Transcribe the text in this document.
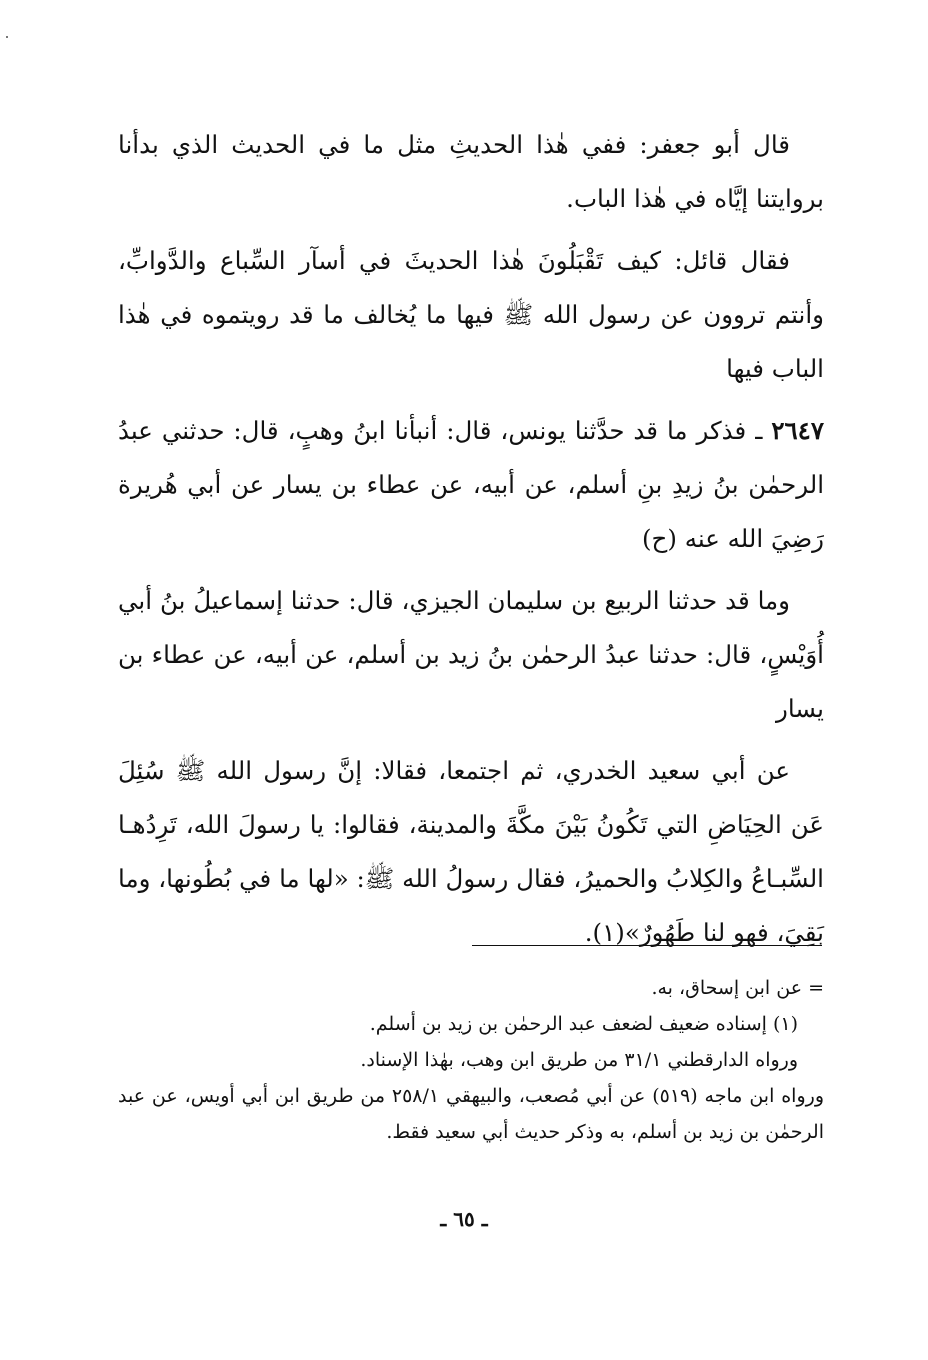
قال أبو جعفر: ففي هٰذا الحديثِ مثل ما في الحديث الذي بدأنا بروايتنا إيَّاه في هٰذا الباب.

فقال قائل: كيف تَقْبَلُونَ هٰذا الحديثَ في أسآر السِّباع والدَّوابِّ، وأنتم تروون عن رسول الله ﷺ فيها ما يُخالف ما قد رويتموه في هٰذا الباب فيها

٢٦٤٧ ـ فذكر ما قد حدَّثنا يونس، قال: أنبأنا ابنُ وهبٍ، قال: حدثني عبدُ الرحمٰن بنُ زيدِ بنِ أسلم، عن أبيه، عن عطاء بن يسار عن أبي هُريرة رَضِيَ الله عنه (ح)

وما قد حدثنا الربيع بن سليمان الجيزي، قال: حدثنا إسماعيلُ بنُ أبي أُوَيْسٍ، قال: حدثنا عبدُ الرحمٰن بنُ زيد بن أسلم، عن أبيه، عن عطاء بن يسار

عن أبي سعيد الخدري، ثم اجتمعا، فقالا: إنَّ رسول الله ﷺ سُئِلَ عَن الحِيَاضِ التي تَكُونُ بَيْنَ مكَّةَ والمدينة، فقالوا: يا رسولَ الله، تَرِدُهـا السِّبـاعُ والكِلابُ والحميرُ، فقال رسولُ الله ﷺ: «لها ما في بُطُونها، وما بَقِيَ، فهو لنا طَهُورٌ»(١).

= عن ابن إسحاق، به.

(١) إسناده ضعيف لضعف عبد الرحمٰن بن زيد بن أسلم.

ورواه الدارقطني ٣١/١ من طريق ابن وهب، بهٰذا الإسناد.

ورواه ابن ماجه (٥١٩) عن أبي مُصعب، والبيهقي ٢٥٨/١ من طريق ابن أبي أويس، عن عبد الرحمٰن بن زيد بن أسلم، به وذكر حديث أبي سعيد فقط.

ـ ٦٥ ـ
